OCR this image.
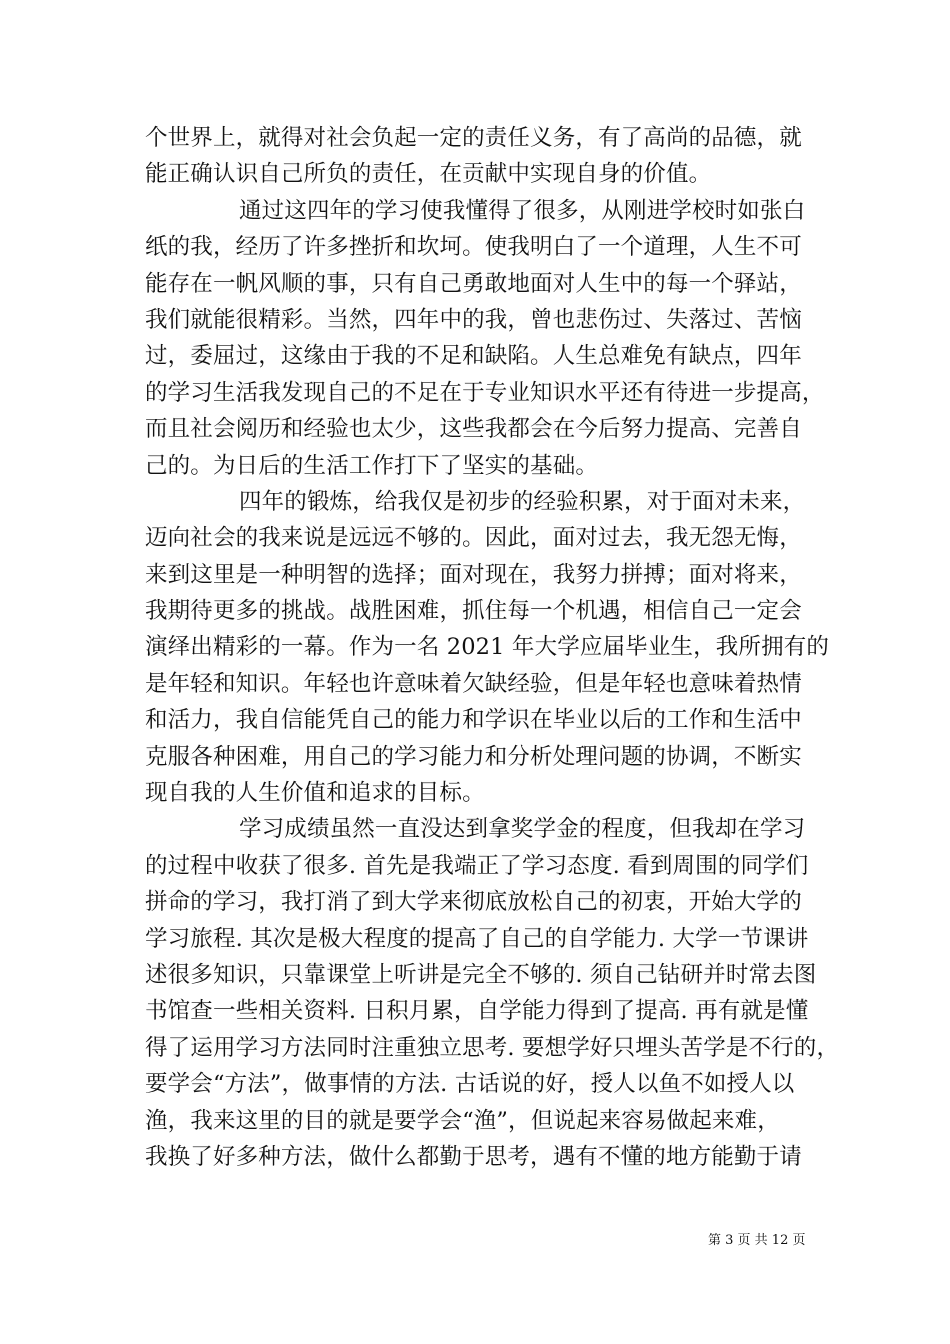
个世界上，就得对社会负起一定的责任义务，有了高尚的品德，就
能正确认识自己所负的责任，在贡献中实现自身的价值。
通过这四年的学习使我懂得了很多，从刚进学校时如张白
纸的我，经历了许多挫折和坎坷。使我明白了一个道理，人生不可
能存在一帆风顺的事，只有自己勇敢地面对人生中的每一个驿站，
我们就能很精彩。当然，四年中的我，曾也悲伤过、失落过、苦恼
过，委屈过，这缘由于我的不足和缺陷。人生总难免有缺点，四年
的学习生活我发现自己的不足在于专业知识水平还有待进一步提高，
而且社会阅历和经验也太少，这些我都会在今后努力提高、完善自
己的。为日后的生活工作打下了坚实的基础。
四年的锻炼，给我仅是初步的经验积累，对于面对未来，
迈向社会的我来说是远远不够的。因此，面对过去，我无怨无悔，
来到这里是一种明智的选择；面对现在，我努力拼搏；面对将来，
我期待更多的挑战。战胜困难，抓住每一个机遇，相信自己一定会
演绎出精彩的一幕。作为一名 2021 年大学应届毕业生，我所拥有的
是年轻和知识。年轻也许意味着欠缺经验，但是年轻也意味着热情
和活力，我自信能凭自己的能力和学识在毕业以后的工作和生活中
克服各种困难，用自己的学习能力和分析处理问题的协调，不断实
现自我的人生价值和追求的目标。
学习成绩虽然一直没达到拿奖学金的程度，但我却在学习
的过程中收获了很多. 首先是我端正了学习态度. 看到周围的同学们
拼命的学习，我打消了到大学来彻底放松自己的初衷，开始大学的
学习旅程. 其次是极大程度的提高了自己的自学能力. 大学一节课讲
述很多知识，只靠课堂上听讲是完全不够的. 须自己钻研并时常去图
书馆查一些相关资料. 日积月累，自学能力得到了提高. 再有就是懂
得了运用学习方法同时注重独立思考. 要想学好只埋头苦学是不行的，
要学会“方法”，做事情的方法. 古话说的好，授人以鱼不如授人以
渔，我来这里的目的就是要学会“渔”，但说起来容易做起来难，
我换了好多种方法，做什么都勤于思考，遇有不懂的地方能勤于请
第 3 页 共 12 页
